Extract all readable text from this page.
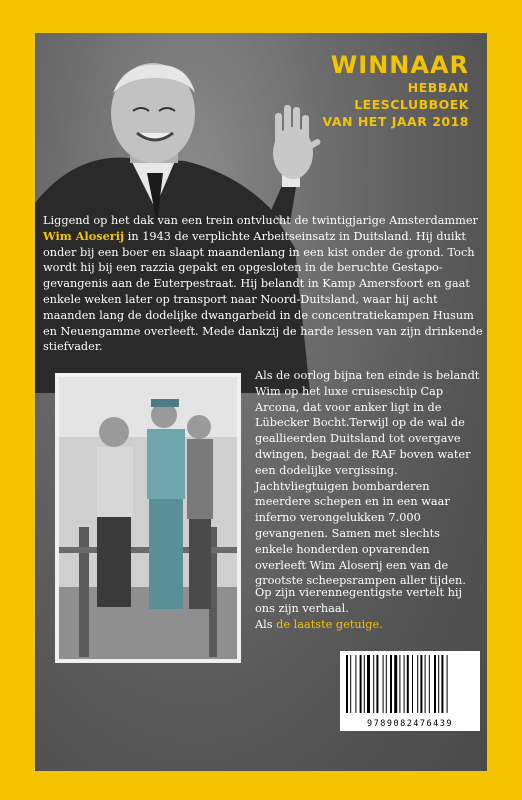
WINNAAR
HEBBAN
LEESCLUBBOEK
VAN HET JAAR 2018
Liggend op het dak van een trein ontvlucht de twintigjarige Amsterdammer Wim Aloserij in 1943 de verplichte Arbeitseinsatz in Duitsland. Hij duikt onder bij een boer en slaapt maandenlang in een kist onder de grond. Toch wordt hij bij een razzia gepakt en opgesloten in de beruchte Gestapo-gevangenis aan de Euterpestraat. Hij belandt in Kamp Amersfoort en gaat enkele weken later op transport naar Noord-Duitsland, waar hij acht maanden lang de dodelijke dwangarbeid in de concentratiekampen Husum en Neuengamme overleeft. Mede dankzij de harde lessen van zijn drinkende stiefvader.
Als de oorlog bijna ten einde is belandt Wim op het luxe cruiseschip Cap Arcona, dat voor anker ligt in de Lübecker Bocht.Terwijl op de wal de geallieerden Duitsland tot overgave dwingen, begaat de RAF boven water een dodelijke vergissing. Jachtvliegtuigen bombarderen meerdere schepen en in een waar inferno verongelukken 7.000 gevangenen. Samen met slechts enkele honderden opvarenden overleeft Wim Aloserij een van de grootste scheepsrampen aller tijden.
Op zijn vierennegentigste vertelt hij ons zijn verhaal.
Als de laatste getuige.
9789082476439
